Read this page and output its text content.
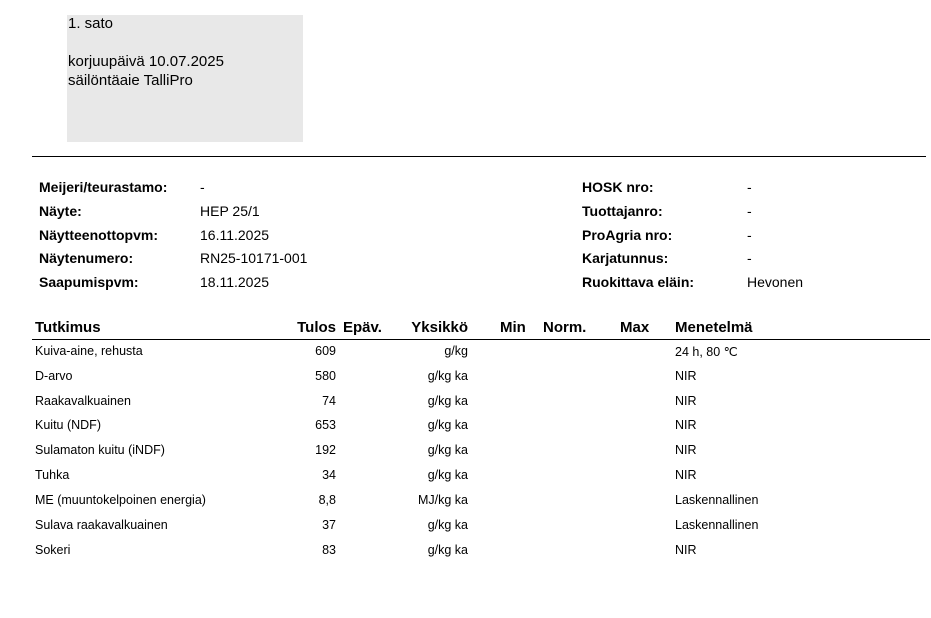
1. sato
korjuupäivä 10.07.2025
säilöntäaie TalliPro
Meijeri/teurastamo: -
Näyte:	HEP 25/1
Näytteenottopvm:	16.11.2025
Näytenumero:	RN25-10171-001
Saapumispvm:	18.11.2025
HOSK nro:	-
Tuottajanro:	-
ProAgria nro:	-
Karjatunnus:	-
Ruokittava eläin:	Hevonen
Tutkimus	Tulos Epäv. Yksikkö Min Norm. Max Menetelmä
Kuiva-aine, rehusta	609	g/kg	24 h, 80 ℃
D-arvo	580	g/kg ka	NIR
Raakavalkuainen	74	g/kg ka	NIR
Kuitu (NDF)	653	g/kg ka	NIR
Sulamaton kuitu (iNDF)	192	g/kg ka	NIR
Tuhka	34	g/kg ka	NIR
ME (muuntokelpoinen energia)	8,8	MJ/kg ka	Laskennallinen
Sulava raakavalkuainen	37	g/kg ka	Laskennallinen
Sokeri	83	g/kg ka	NIR
